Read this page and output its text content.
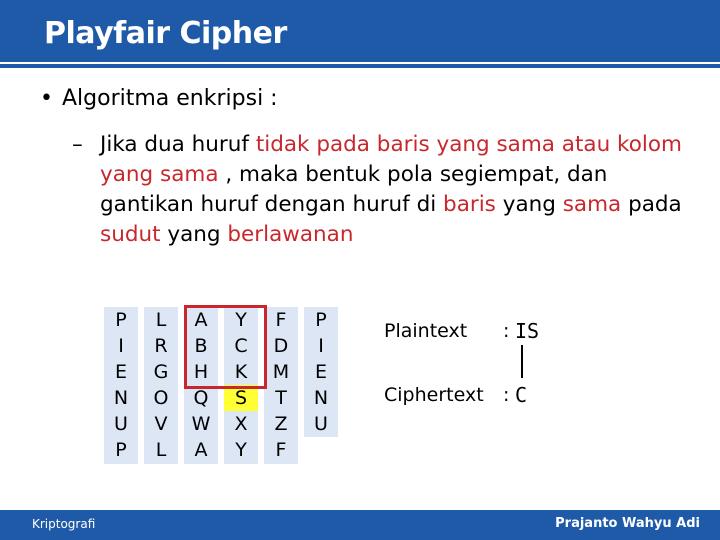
Playfair Cipher
• Algoritma enkripsi :
– Jika dua huruf tidak pada baris yang sama atau kolom yang sama , maka bentuk pola segiempat, dan gantikan huruf dengan huruf di baris yang sama pada sudut yang berlawanan
P	L	A	Y	F	P
I	R	B	C	D	I
E	G	H	K	M	E
N	O	Q	S	T	N
U	V	W	X	Z	U
P	L	A	Y	F
Plaintext : IS
Ciphertext : C
Kriptografi	Prajanto Wahyu Adi
